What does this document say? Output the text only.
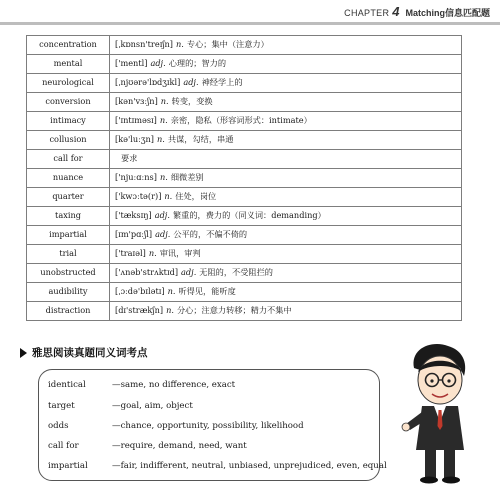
CHAPTER 4 Matching信息匹配题
concentration	[ˌkɒnsn'treɪʃn] n. 专心；集中（注意力）
mental	['mentl] adj. 心理的；智力的
neurological	[ˌnjʊərə'lɒdʒɪkl] adj. 神经学上的
conversion	[kən'vɜːʃn] n. 转变，变换
intimacy	['ɪntɪməsɪ] n. 亲密，隐私（形容词形式：intimate）
collusion	[kə'luːʒn] n. 共谋，勾结，串通
call for	要求
nuance	['njuːɑːns] n. 细微差别
quarter	['kwɔːtə(r)] n. 住处，岗位
taxing	['tæksɪŋ] adj. 繁重的，费力的（同义词：demanding）
impartial	[ɪm'pɑːʃl] adj. 公平的，不偏不倚的
trial	['traɪəl] n. 审讯，审判
unobstructed	['ʌnəb'strʌktɪd] adj. 无阻的，不受阻拦的
audibility	[ˌɔːdə'bɪlətɪ] n. 听得见，能听度
distraction	[dɪ'strækʃn] n. 分心；注意力转移；精力不集中
雅思阅读真题同义词考点
identical	—same, no difference, exact
target	—goal, aim, object
odds	—chance, opportunity, possibility, likelihood
call for	—require, demand, need, want
impartial	—fair, indifferent, neutral, unbiased, unprejudiced, even, equal
